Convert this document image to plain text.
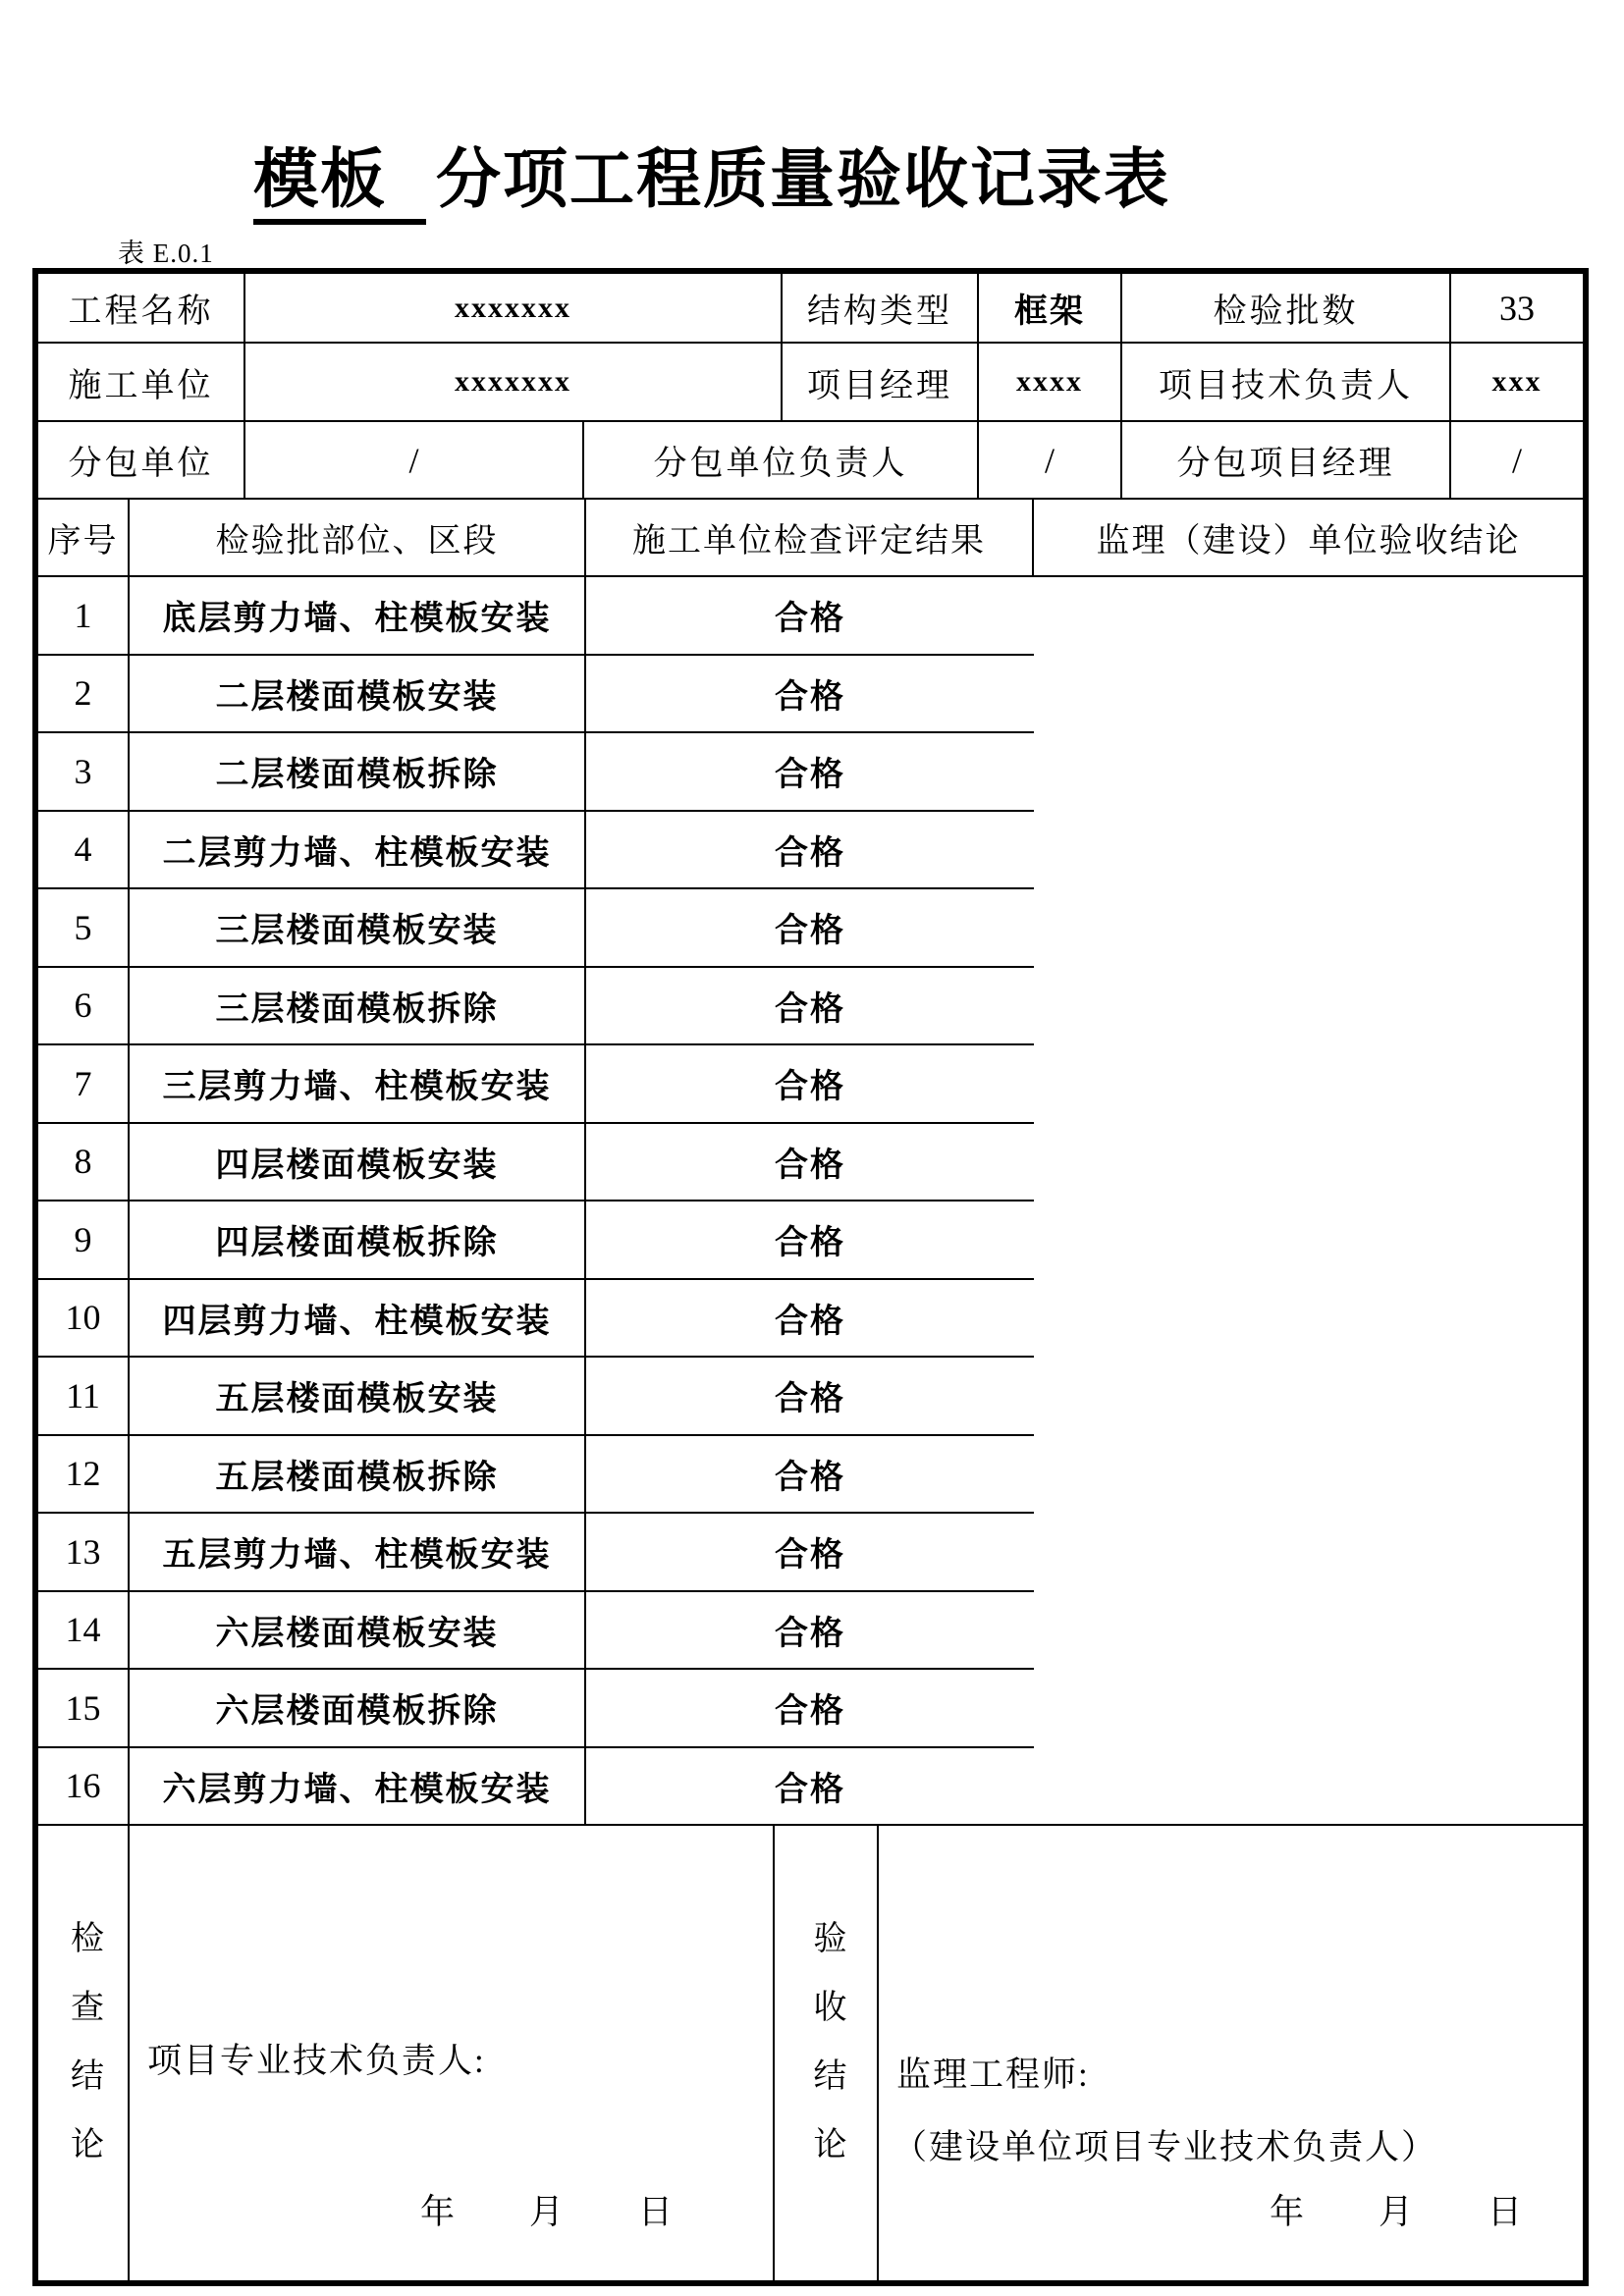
模板 分项工程质量验收记录表
表 E.0.1
工程名称	xxxxxxx	结构类型	框架	检验批数	33
施工单位	xxxxxxx	项目经理	xxxx	项目技术负责人	xxx
分包单位	/	分包单位负责人	/	分包项目经理	/
序号	检验批部位、区段	施工单位检查评定结果	监理（建设）单位验收结论
1	底层剪力墙、柱模板安装	合格
2	二层楼面模板安装	合格
3	二层楼面模板拆除	合格
4	二层剪力墙、柱模板安装	合格
5	三层楼面模板安装	合格
6	三层楼面模板拆除	合格
7	三层剪力墙、柱模板安装	合格
8	四层楼面模板安装	合格
9	四层楼面模板拆除	合格
10	四层剪力墙、柱模板安装	合格
11	五层楼面模板安装	合格
12	五层楼面模板拆除	合格
13	五层剪力墙、柱模板安装	合格
14	六层楼面模板安装	合格
15	六层楼面模板拆除	合格
16	六层剪力墙、柱模板安装	合格
检查结论 项目专业技术负责人:
年　　月　　日
验收结论 监理工程师:
（建设单位项目专业技术负责人）
年　　月　　日
